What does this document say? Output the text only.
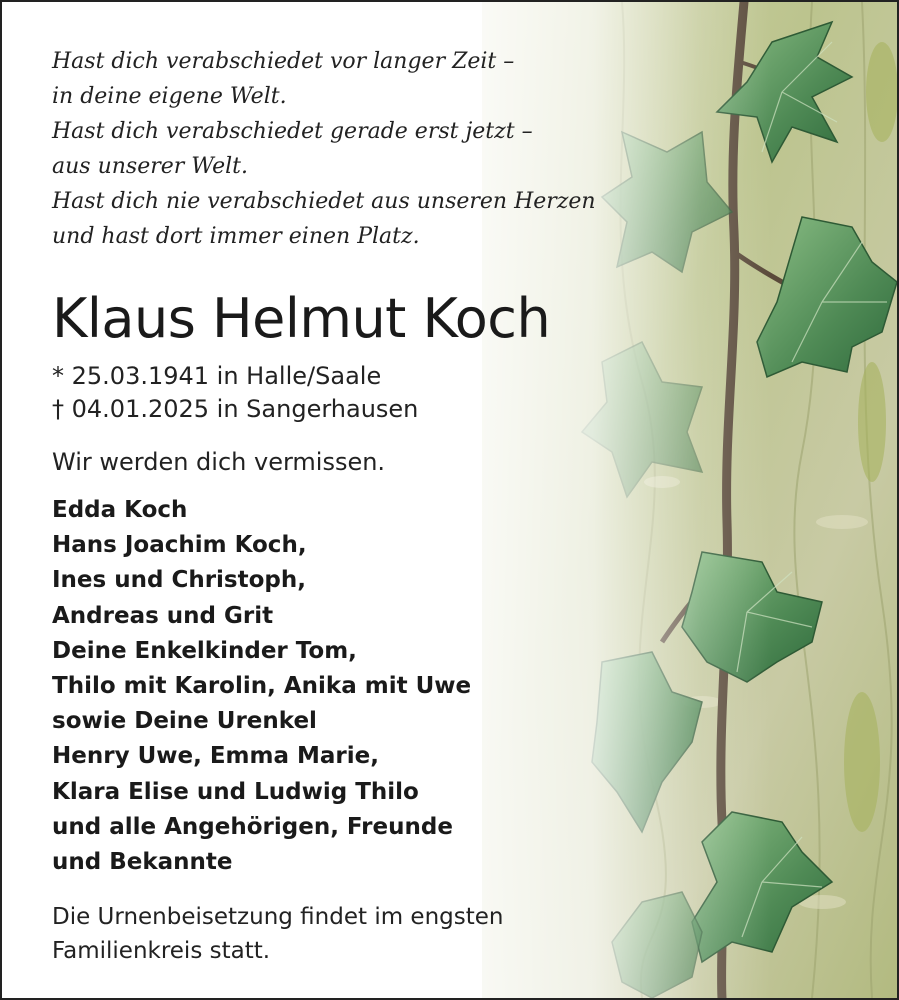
Hast dich verabschiedet vor langer Zeit –
in deine eigene Welt.
Hast dich verabschiedet gerade erst jetzt –
aus unserer Welt.
Hast dich nie verabschiedet aus unseren Herzen
und hast dort immer einen Platz.
Klaus Helmut Koch
* 25.03.1941 in Halle/Saale
† 04.01.2025 in Sangerhausen
Wir werden dich vermissen.
Edda Koch
Hans Joachim Koch,
Ines und Christoph,
Andreas und Grit
Deine Enkelkinder Tom,
Thilo mit Karolin, Anika mit Uwe
sowie Deine Urenkel
Henry Uwe, Emma Marie,
Klara Elise und Ludwig Thilo
und alle Angehörigen, Freunde
und Bekannte
Die Urnenbeisetzung findet im engsten
Familienkreis statt.
